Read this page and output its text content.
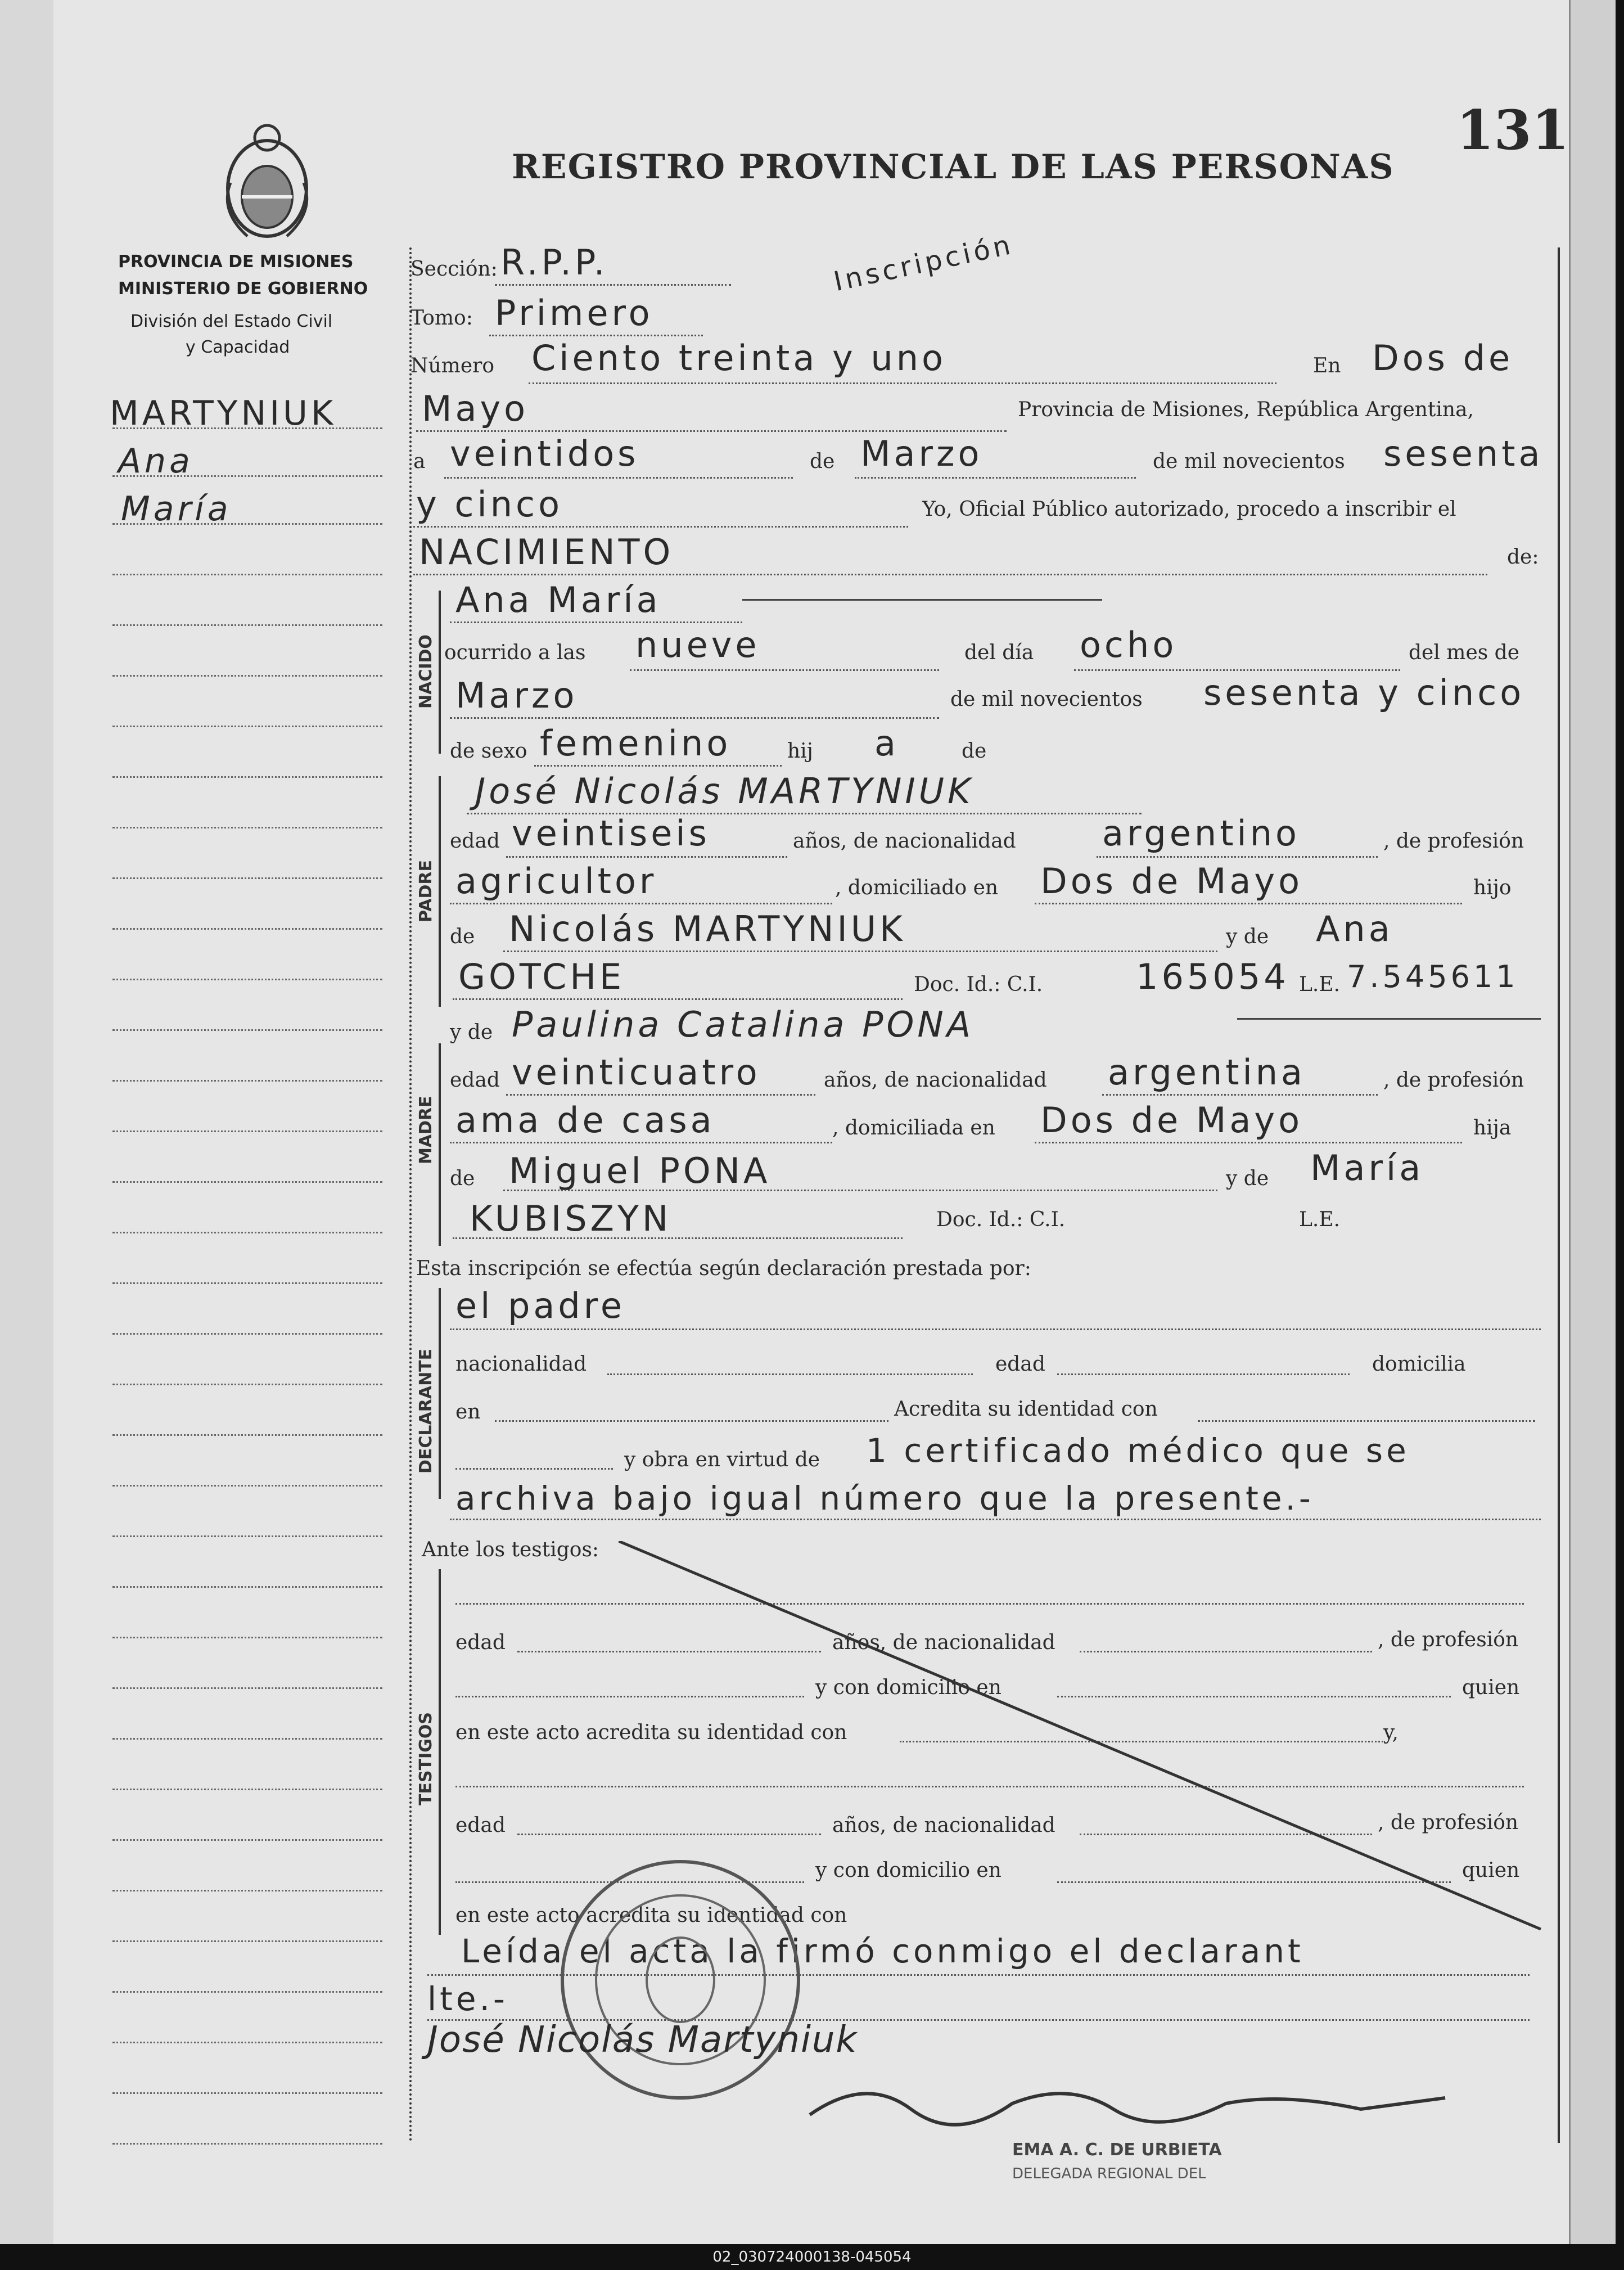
131
REGISTRO PROVINCIAL DE LAS PERSONAS
PROVINCIA DE MISIONES
MINISTERIO DE GOBIERNO
División del Estado Civil
y Capacidad
MARTYNIUK
Ana
María
Sección: R.P.P.	Inscripción
Tomo: Primero
Número Ciento treinta y uno	En Dos de
Mayo	Provincia de Misiones, República Argentina,
a veintidos	de Marzo	de mil novecientos sesenta
y cinco	Yo, Oficial Público autorizado, procedo a inscribir el
NACIMIENTO	de:
NACIDO
Ana María
ocurrido a las nueve	del día ocho	del mes de
Marzo	de mil novecientos sesenta y cinco
de sexo femenino	hij a	de
PADRE
José Nicolás MARTYNIUK
edad veintiseis	años, de nacionalidad argentino	, de profesión
agricultor	, domiciliado en Dos de Mayo	hijo
de Nicolás MARTYNIUK	y de Ana
GOTCHE	Doc. Id.: C.I.	165054 L.E. 7.545611
y de Paulina Catalina PONA
MADRE
edad veinticuatro	años, de nacionalidad argentina	, de profesión
ama de casa	, domiciliada en Dos de Mayo	hija
de Miguel PONA	y de María
KUBISZYN	Doc. Id.: C.I.	L.E.
Esta inscripción se efectúa según declaración prestada por:
DECLARANTE
el padre
nacionalidad	edad	domicilia
en	Acredita su identidad con
y obra en virtud de 1 certificado médico que se
archiva bajo igual número que la presente.-
Ante los testigos:
TESTIGOS
edad	años, de nacionalidad	, de profesión
y con domicilio en	quien
en este acto acredita su identidad con	y,
edad	años, de nacionalidad	, de profesión
y con domicilio en	quien
en este acto acredita su identidad con
Leída el acta la firmó conmigo el declarant
lte.-
José Nicolás Martyniuk
EMA A. C. DE URBIETA
DELEGADA REGIONAL DEL
02_030724000138-045054
